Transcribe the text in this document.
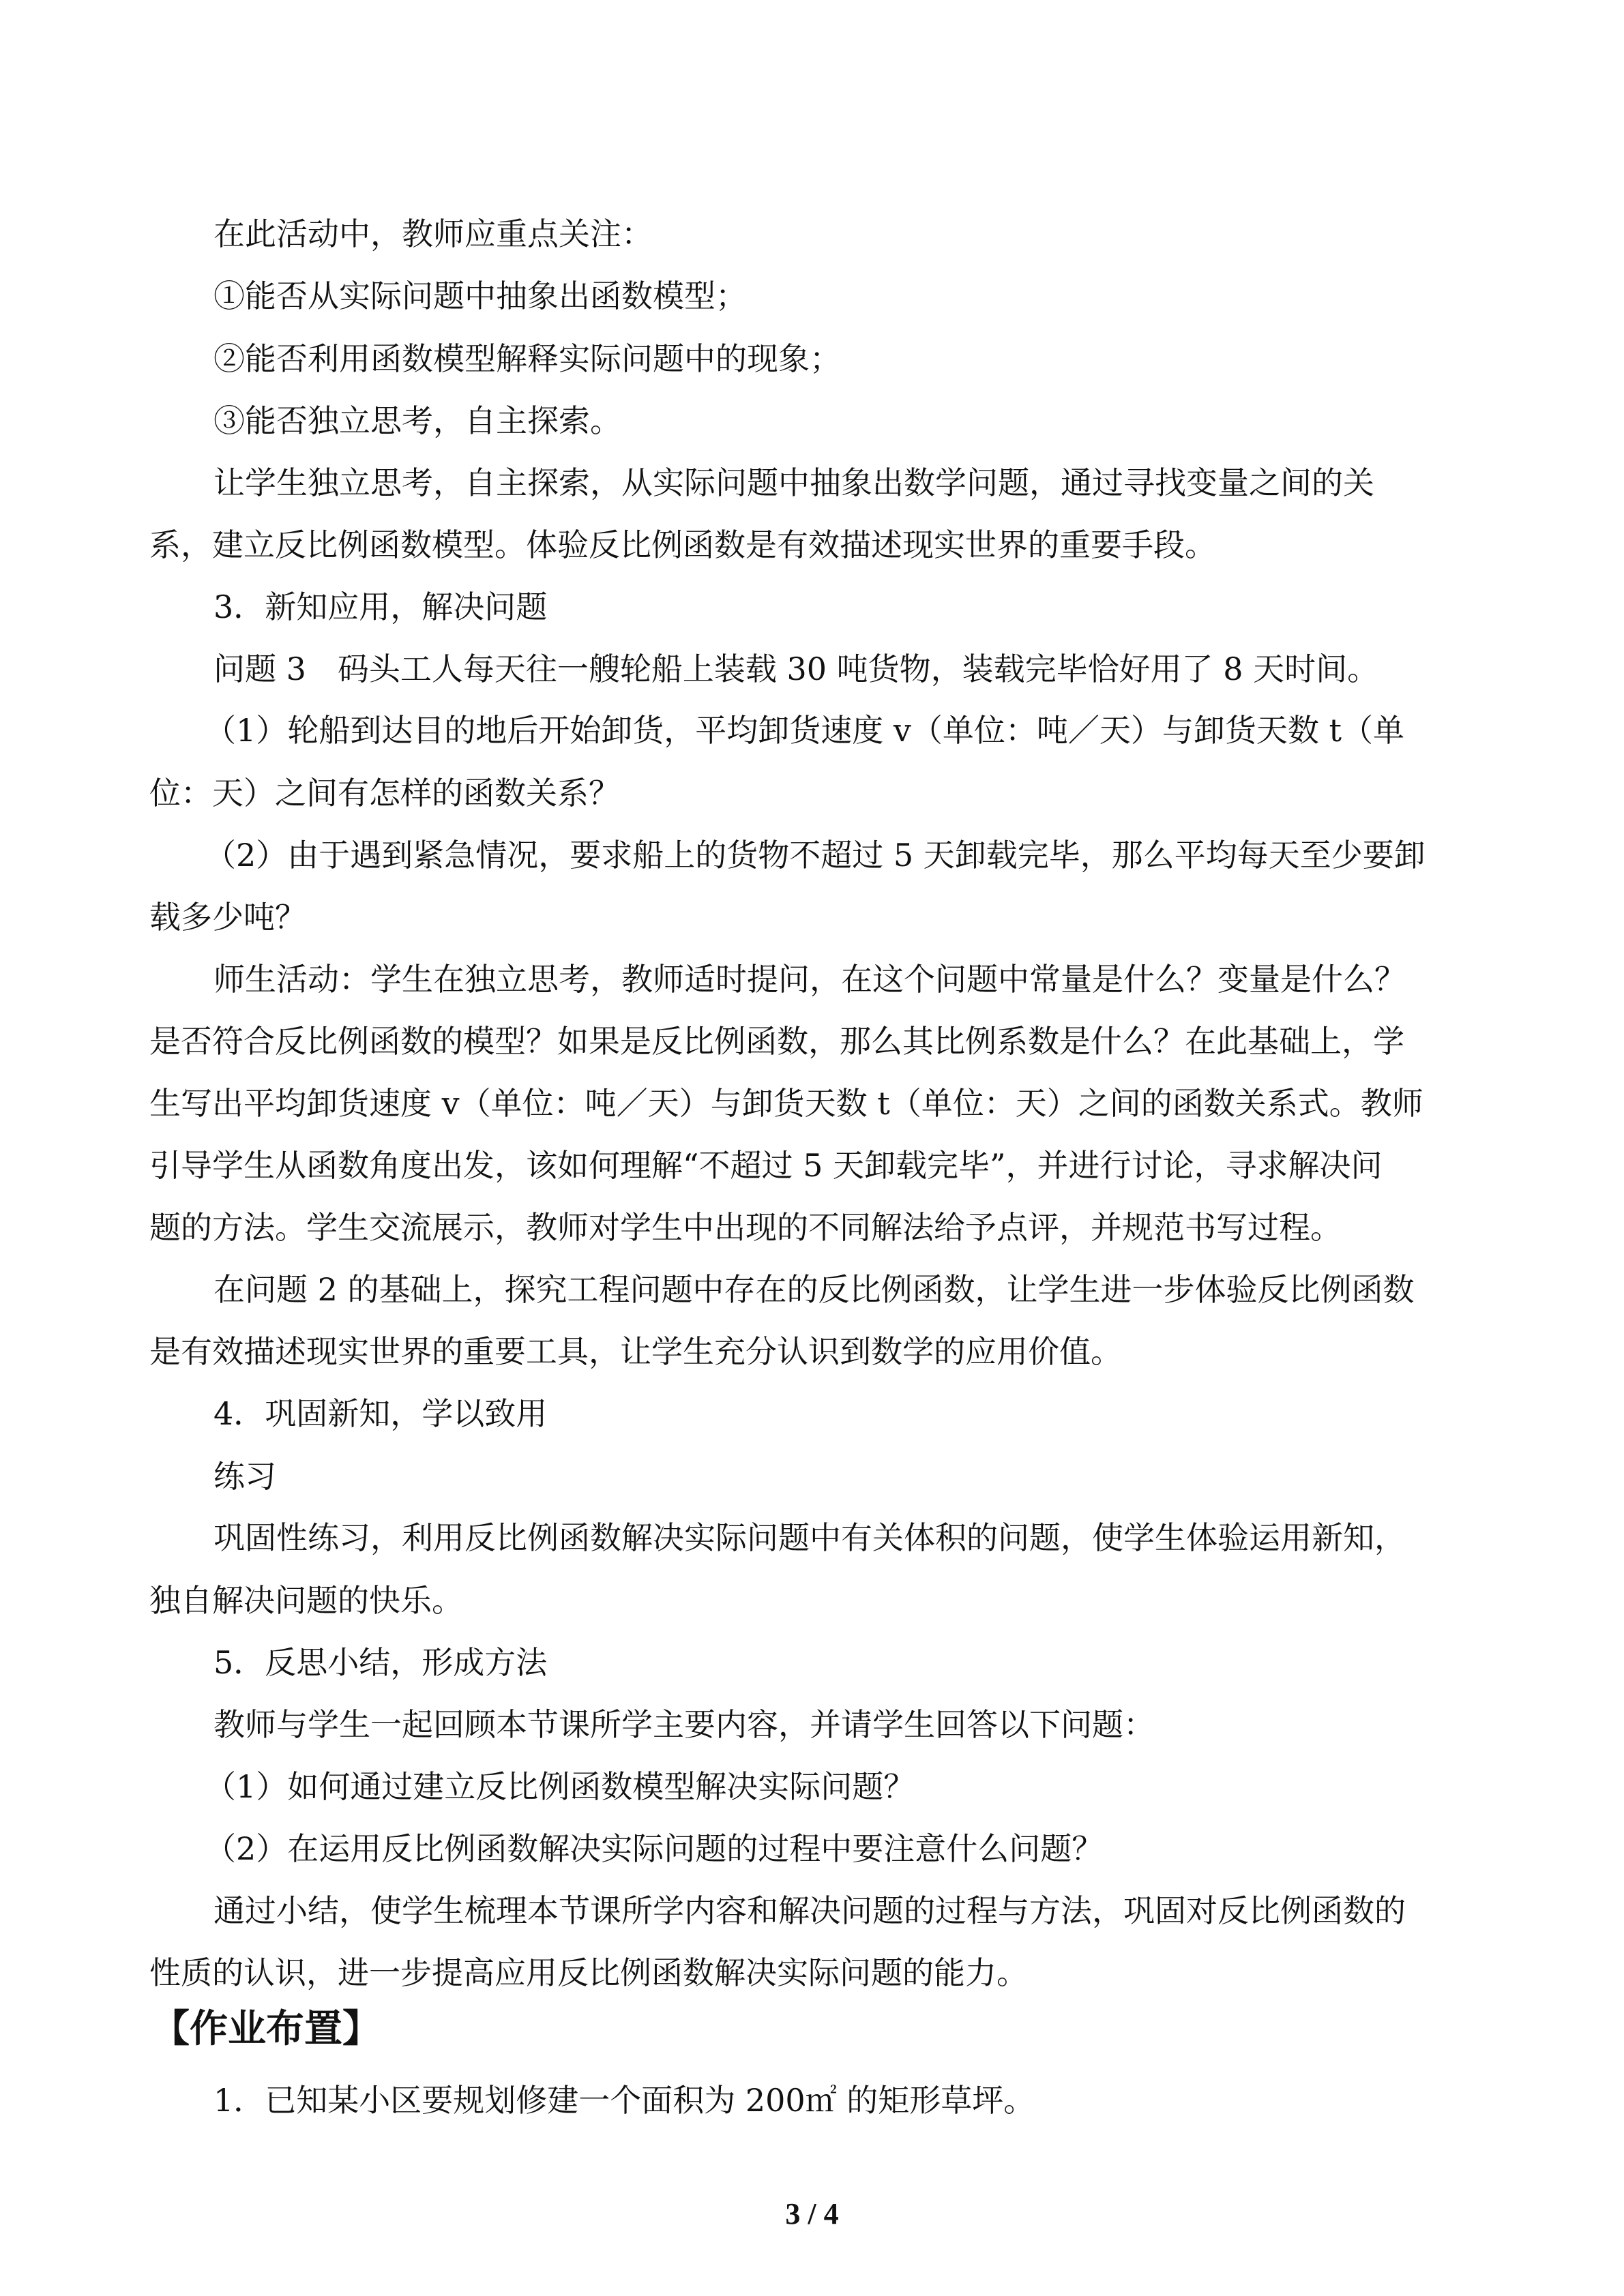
在此活动中，教师应重点关注：
①能否从实际问题中抽象出函数模型；
②能否利用函数模型解释实际问题中的现象；
③能否独立思考，自主探索。
让学生独立思考，自主探索，从实际问题中抽象出数学问题，通过寻找变量之间的关
系，建立反比例函数模型。体验反比例函数是有效描述现实世界的重要手段。
3．新知应用，解决问题
问题 3　码头工人每天往一艘轮船上装载 30 吨货物，装载完毕恰好用了 8 天时间。
（1）轮船到达目的地后开始卸货，平均卸货速度 v（单位：吨／天）与卸货天数 t（单
位：天）之间有怎样的函数关系？
（2）由于遇到紧急情况，要求船上的货物不超过 5 天卸载完毕，那么平均每天至少要卸
载多少吨？
师生活动：学生在独立思考，教师适时提问，在这个问题中常量是什么？变量是什么？
是否符合反比例函数的模型？如果是反比例函数，那么其比例系数是什么？在此基础上，学
生写出平均卸货速度 v（单位：吨／天）与卸货天数 t（单位：天）之间的函数关系式。教师
引导学生从函数角度出发，该如何理解“不超过 5 天卸载完毕”，并进行讨论，寻求解决问
题的方法。学生交流展示，教师对学生中出现的不同解法给予点评，并规范书写过程。
在问题 2 的基础上，探究工程问题中存在的反比例函数，让学生进一步体验反比例函数
是有效描述现实世界的重要工具，让学生充分认识到数学的应用价值。
4．巩固新知，学以致用
练习
巩固性练习，利用反比例函数解决实际问题中有关体积的问题，使学生体验运用新知，
独自解决问题的快乐。
5．反思小结，形成方法
教师与学生一起回顾本节课所学主要内容，并请学生回答以下问题：
（1）如何通过建立反比例函数模型解决实际问题？
（2）在运用反比例函数解决实际问题的过程中要注意什么问题？
通过小结，使学生梳理本节课所学内容和解决问题的过程与方法，巩固对反比例函数的
性质的认识，进一步提高应用反比例函数解决实际问题的能力。
【作业布置】
1．已知某小区要规划修建一个面积为 200㎡ 的矩形草坪。
3 / 4
